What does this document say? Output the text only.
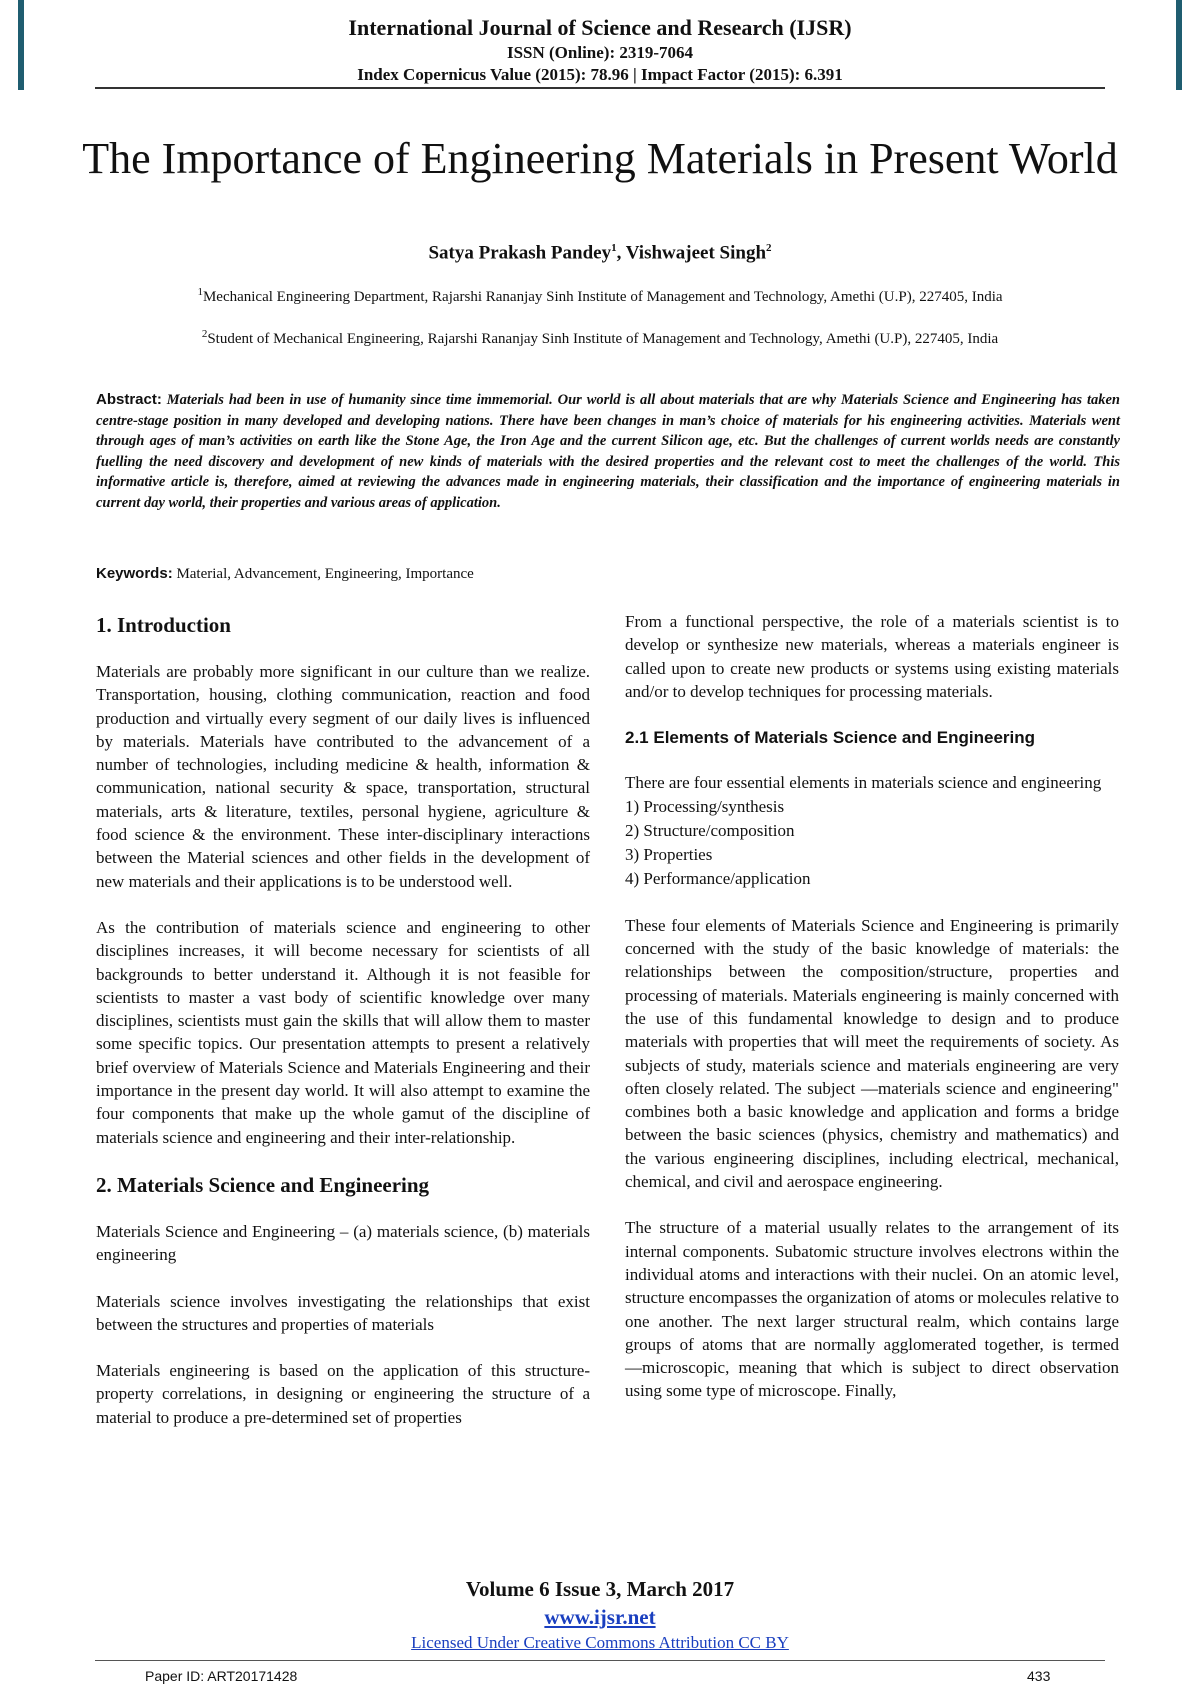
International Journal of Science and Research (IJSR)
ISSN (Online): 2319-7064
Index Copernicus Value (2015): 78.96 | Impact Factor (2015): 6.391
The Importance of Engineering Materials in Present World
Satya Prakash Pandey$^1$, Vishwajeet Singh$^2$
$^1$Mechanical Engineering Department, Rajarshi Rananjay Sinh Institute of Management and Technology, Amethi (U.P), 227405, India
$^2$Student of Mechanical Engineering, Rajarshi Rananjay Sinh Institute of Management and Technology, Amethi (U.P), 227405, India
Abstract: Materials had been in use of humanity since time immemorial. Our world is all about materials that are why Materials Science and Engineering has taken centre-stage position in many developed and developing nations. There have been changes in man’s choice of materials for his engineering activities. Materials went through ages of man’s activities on earth like the Stone Age, the Iron Age and the current Silicon age, etc. But the challenges of current worlds needs are constantly fuelling the need discovery and development of new kinds of materials with the desired properties and the relevant cost to meet the challenges of the world. This informative article is, therefore, aimed at reviewing the advances made in engineering materials, their classification and the importance of engineering materials in current day world, their properties and various areas of application.
Keywords: Material, Advancement, Engineering, Importance
1. Introduction

Materials are probably more significant in our culture than we realize. Transportation, housing, clothing communication, reaction and food production and virtually every segment of our daily lives is influenced by materials. Materials have contributed to the advancement of a number of technologies, including medicine & health, information & communication, national security & space, transportation, structural materials, arts & literature, textiles, personal hygiene, agriculture & food science & the environment. These inter-disciplinary interactions between the Material sciences and other fields in the development of new materials and their applications is to be understood well.

As the contribution of materials science and engineering to other disciplines increases, it will become necessary for scientists of all backgrounds to better understand it. Although it is not feasible for scientists to master a vast body of scientific knowledge over many disciplines, scientists must gain the skills that will allow them to master some specific topics. Our presentation attempts to present a relatively brief overview of Materials Science and Materials Engineering and their importance in the present day world. It will also attempt to examine the four components that make up the whole gamut of the discipline of materials science and engineering and their inter-relationship.

2. Materials Science and Engineering

Materials Science and Engineering – (a) materials science, (b) materials engineering

Materials science involves investigating the relationships that exist between the structures and properties of materials

Materials engineering is based on the application of this structure-property correlations, in designing or engineering the structure of a material to produce a pre-determined set of properties

From a functional perspective, the role of a materials scientist is to develop or synthesize new materials, whereas a materials engineer is called upon to create new products or systems using existing materials and/or to develop techniques for processing materials.

2.1 Elements of Materials Science and Engineering

There are four essential elements in materials science and engineering

1) Processing/synthesis
2) Structure/composition
3) Properties
4) Performance/application

These four elements of Materials Science and Engineering is primarily concerned with the study of the basic knowledge of materials: the relationships between the composition/structure, properties and processing of materials. Materials engineering is mainly concerned with the use of this fundamental knowledge to design and to produce materials with properties that will meet the requirements of society. As subjects of study, materials science and materials engineering are very often closely related. The subject ―materials science and engineering" combines both a basic knowledge and application and forms a bridge between the basic sciences (physics, chemistry and mathematics) and the various engineering disciplines, including electrical, mechanical, chemical, and civil and aerospace engineering.

The structure of a material usually relates to the arrangement of its internal components. Subatomic structure involves electrons within the individual atoms and interactions with their nuclei. On an atomic level, structure encompasses the organization of atoms or molecules relative to one another. The next larger structural realm, which contains large groups of atoms that are normally agglomerated together, is termed ―microscopic, meaning that which is subject to direct observation using some type of microscope. Finally,

Volume 6 Issue 3, March 2017
www.ijsr.net
Licensed Under Creative Commons Attribution CC BY
Paper ID: ART20171428	433
